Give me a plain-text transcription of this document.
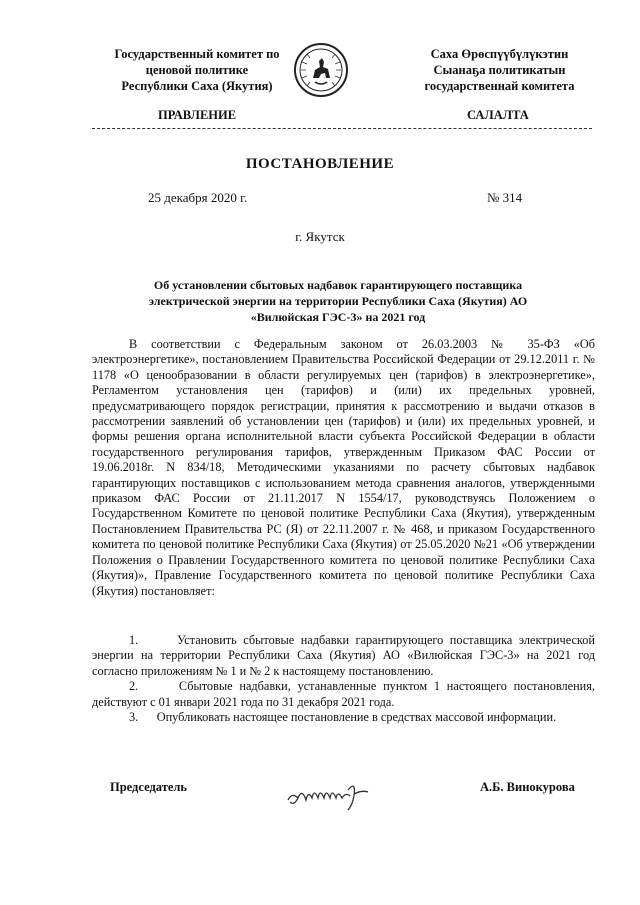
Государственный комитет по
ценовой политике
Республики Саха (Якутия)
ПРАВЛЕНИЕ
Саха Өрөспүүбүлүкэтин
Сыанаҕа политикатын
государственнай комитета
САЛАЛТА
ПОСТАНОВЛЕНИЕ
25 декабря 2020 г.	№ 314
г. Якутск
Об установлении сбытовых надбавок гарантирующего поставщика
электрической энергии на территории Республики Саха (Якутия) АО
«Вилюйская ГЭС-3» на 2021 год

В соответствии с Федеральным законом от 26.03.2003 № 35-ФЗ «Об электроэнергетике», постановлением Правительства Российской Федерации от 29.12.2011 г. № 1178 «О ценообразовании в области регулируемых цен (тарифов) в электроэнергетике», Регламентом установления цен (тарифов) и (или) их предельных уровней, предусматривающего порядок регистрации, принятия к рассмотрению и выдачи отказов в рассмотрении заявлений об установлении цен (тарифов) и (или) их предельных уровней, и формы решения органа исполнительной власти субъекта Российской Федерации в области государственного регулирования тарифов, утвержденным Приказом ФАС России от 19.06.2018г. N 834/18, Методическими указаниями по расчету сбытовых надбавок гарантирующих поставщиков с использованием метода сравнения аналогов, утвержденными приказом ФАС России от 21.11.2017 N 1554/17, руководствуясь Положением о Государственном Комитете по ценовой политике Республики Саха (Якутия), утвержденным Постановлением Правительства РС (Я) от 22.11.2007 г. № 468, и приказом Государственного комитета по ценовой политике Республики Саха (Якутия) от 25.05.2020 №21 «Об утверждении Положения о Правлении Государственного комитета по ценовой политике Республики Саха (Якутия)», Правление Государственного комитета по ценовой политике Республики Саха (Якутия) постановляет:

1.	Установить сбытовые надбавки гарантирующего поставщика электрической энергии на территории Республики Саха (Якутия) АО «Вилюйская ГЭС-3» на 2021 год согласно приложениям № 1 и № 2 к настоящему постановлению.
2.	Сбытовые надбавки, устанавленные пунктом 1 настоящего постановления, действуют с 01 январи 2021 года по 31 декабря 2021 года.
3. Опубликовать настоящее постановление в средствах массовой информации.
Председатель	А.Б. Винокурова
